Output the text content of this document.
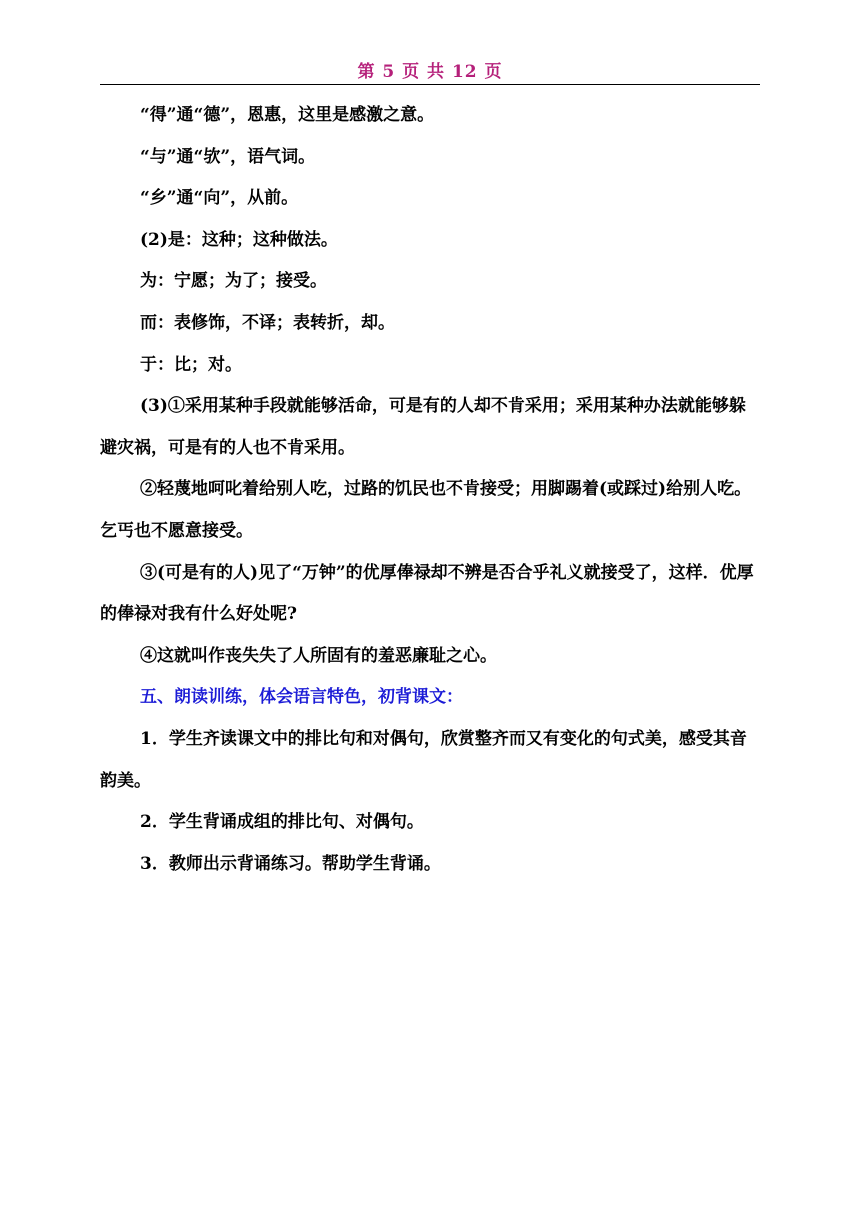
第 5 页 共 12 页

“得”通“德”，恩惠，这里是感激之意。

“与”通“欤”，语气词。

“乡”通“向”，从前。

(2)是：这种；这种做法。

为：宁愿；为了；接受。

而：表修饰，不译；表转折，却。

于：比；对。

(3)①采用某种手段就能够活命，可是有的人却不肯采用；采用某种办法就能够躲避灾祸，可是有的人也不肯采用。

②轻蔑地呵叱着给别人吃，过路的饥民也不肯接受；用脚踢着(或踩过)给别人吃。乞丐也不愿意接受。

③(可是有的人)见了“万钟”的优厚俸禄却不辨是否合乎礼义就接受了，这样．优厚的俸禄对我有什么好处呢?

④这就叫作丧失失了人所固有的羞恶廉耻之心。

五、朗读训练，体会语言特色，初背课文：

1．学生齐读课文中的排比句和对偶句，欣赏整齐而又有变化的句式美，感受其音韵美。

2．学生背诵成组的排比句、对偶句。

3．教师出示背诵练习。帮助学生背诵。
